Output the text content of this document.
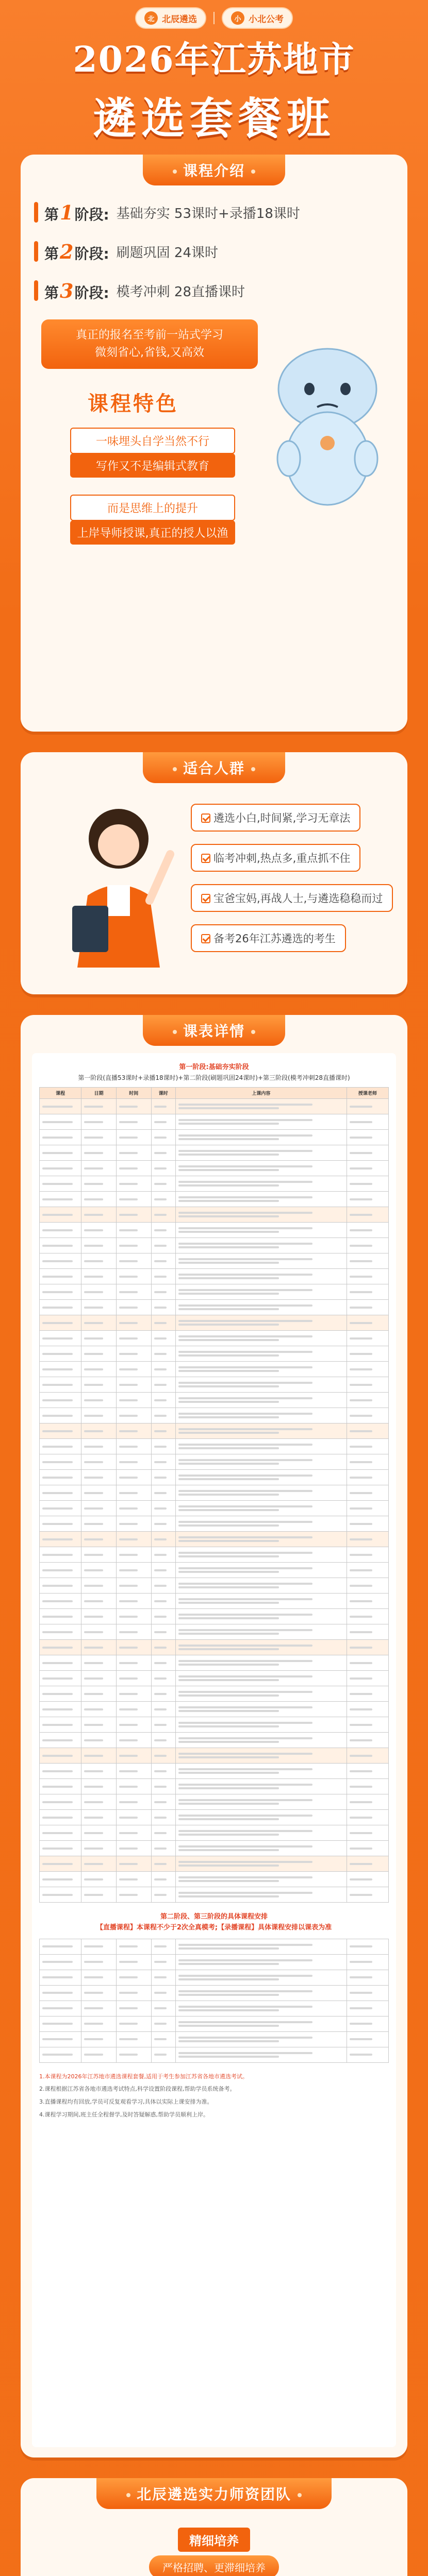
北 北辰遴选	小 小北公考
2026年江苏地市
遴选套餐班
课程介绍
第1阶段: 基础夯实 53课时+录播18课时
第2阶段: 刷题巩固 24课时
第3阶段: 模考冲刺 28直播课时
真正的报名至考前一站式学习
微刻省心,省钱,又高效
课程特色
一味埋头自学当然不行
写作又不是编辑式教育
而是思维上的提升
上岸导师授课,真正的授人以渔
适合人群
遴选小白,时间紧,学习无章法
临考冲刺,热点多,重点抓不住
宝爸宝妈,再战人士,与遴选稳稳而过
备考26年江苏遴选的考生
课表详情
第一阶段:基础夯实阶段
第一阶段(直播53课时+录播18课时)+第二阶段(刷题巩固24课时)+第三阶段(模考冲刺28直播课时)
课程	日期	时间	课时	上课内容	授课老师

第二阶段、第三阶段的具体课程安排
【直播课程】本课程不少于2次全真模考;【录播课程】具体课程安排以课表为准

1.本课程为2026年江苏地市遴选课程套餐,适用于考生参加江苏省各地市遴选考试。

2.课程根据江苏省各地市遴选考试特点,科学设置阶段课程,帮助学员系统备考。

3.直播课程均有回放,学员可反复观看学习,具体以实际上课安排为准。

4.课程学习期间,班主任全程督学,及时答疑解惑,帮助学员顺利上岸。

北辰遴选实力师资团队
精细培养
严格招聘、更滞细培养
